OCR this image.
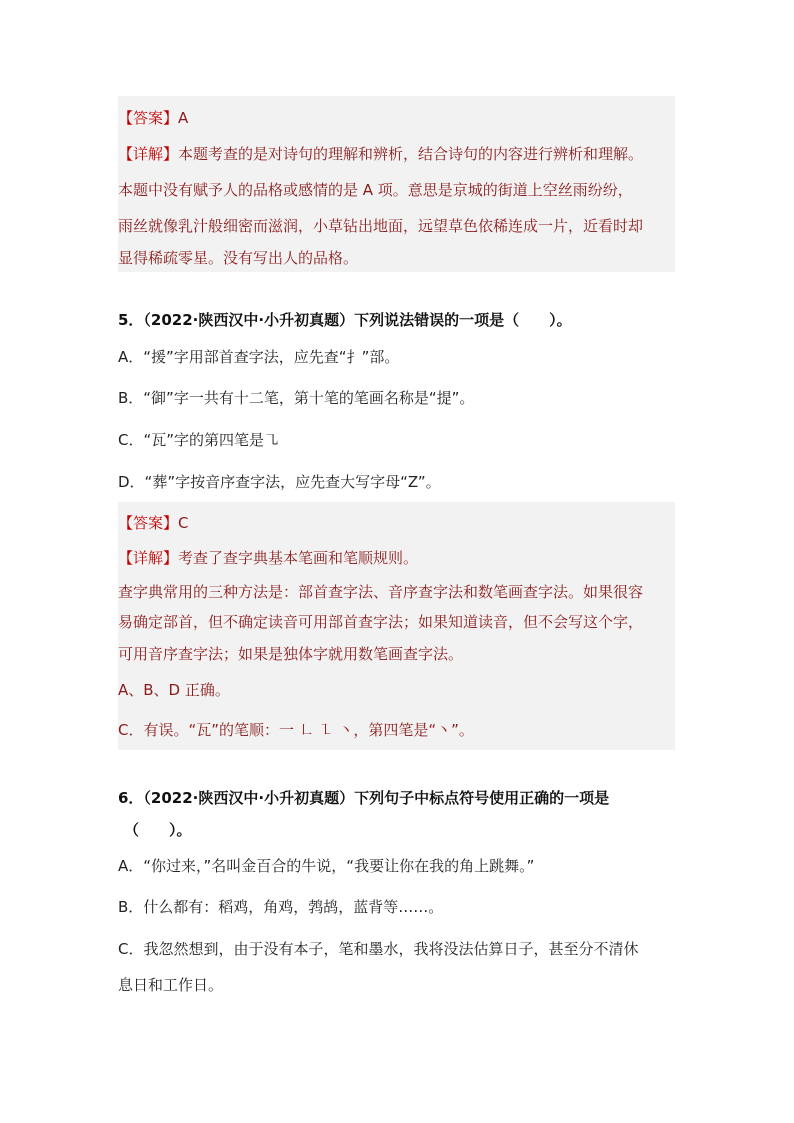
【答案】A
【详解】本题考查的是对诗句的理解和辨析，结合诗句的内容进行辨析和理解。
本题中没有赋予人的品格或感情的是 A 项。意思是京城的街道上空丝雨纷纷，
雨丝就像乳汁般细密而滋润，小草钻出地面，远望草色依稀连成一片，近看时却
显得稀疏零星。没有写出人的品格。
5．（2022·陕西汉中·小升初真题）下列说法错误的一项是（　　）。
A．“援”字用部首查字法，应先查“扌”部。
B．“御”字一共有十二笔，第十笔的笔画名称是“提”。
C．“瓦”字的第四笔是㇈
D．“葬”字按音序查字法，应先查大写字母“Z”。
【答案】C
【详解】考查了查字典基本笔画和笔顺规则。
查字典常用的三种方法是：部首查字法、音序查字法和数笔画查字法。如果很容
易确定部首，但不确定读音可用部首查字法；如果知道读音，但不会写这个字，
可用音序查字法；如果是独体字就用数笔画查字法。
A、B、D 正确。
C．有误。“瓦”的笔顺：一 ㇗ ㇅ 丶，第四笔是“丶”。
6．（2022·陕西汉中·小升初真题）下列句子中标点符号使用正确的一项是
（　　）。
A．“你过来，”名叫金百合的牛说，“我要让你在我的角上跳舞。”
B．什么都有：稻鸡，角鸡，鹁鸪，蓝背等……。
C．我忽然想到，由于没有本子，笔和墨水，我将没法估算日子，甚至分不清休
息日和工作日。
